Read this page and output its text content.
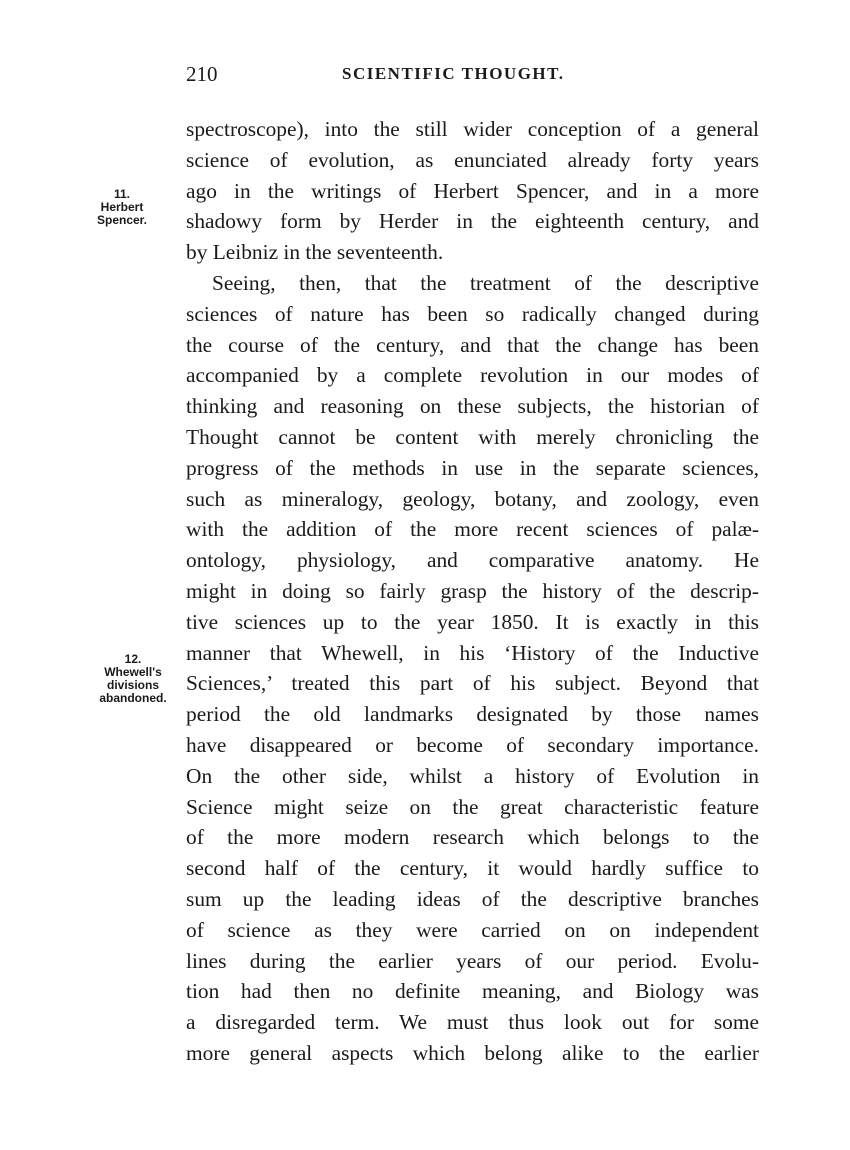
210	SCIENTIFIC THOUGHT.
11.
Herbert
Spencer.
12.
Whewell's
divisions
abandoned.
spectroscope), into the still wider conception of a general
science of evolution, as enunciated already forty years
ago in the writings of Herbert Spencer, and in a more
shadowy form by Herder in the eighteenth century, and
by Leibniz in the seventeenth.
Seeing, then, that the treatment of the descriptive
sciences of nature has been so radically changed during
the course of the century, and that the change has been
accompanied by a complete revolution in our modes of
thinking and reasoning on these subjects, the historian of
Thought cannot be content with merely chronicling the
progress of the methods in use in the separate sciences,
such as mineralogy, geology, botany, and zoology, even
with the addition of the more recent sciences of palæ-
ontology, physiology, and comparative anatomy. He
might in doing so fairly grasp the history of the descrip-
tive sciences up to the year 1850. It is exactly in this
manner that Whewell, in his ‘History of the Inductive
Sciences,’ treated this part of his subject. Beyond that
period the old landmarks designated by those names
have disappeared or become of secondary importance.
On the other side, whilst a history of Evolution in
Science might seize on the great characteristic feature
of the more modern research which belongs to the
second half of the century, it would hardly suffice to
sum up the leading ideas of the descriptive branches
of science as they were carried on on independent
lines during the earlier years of our period. Evolu-
tion had then no definite meaning, and Biology was
a disregarded term. We must thus look out for some
more general aspects which belong alike to the earlier
